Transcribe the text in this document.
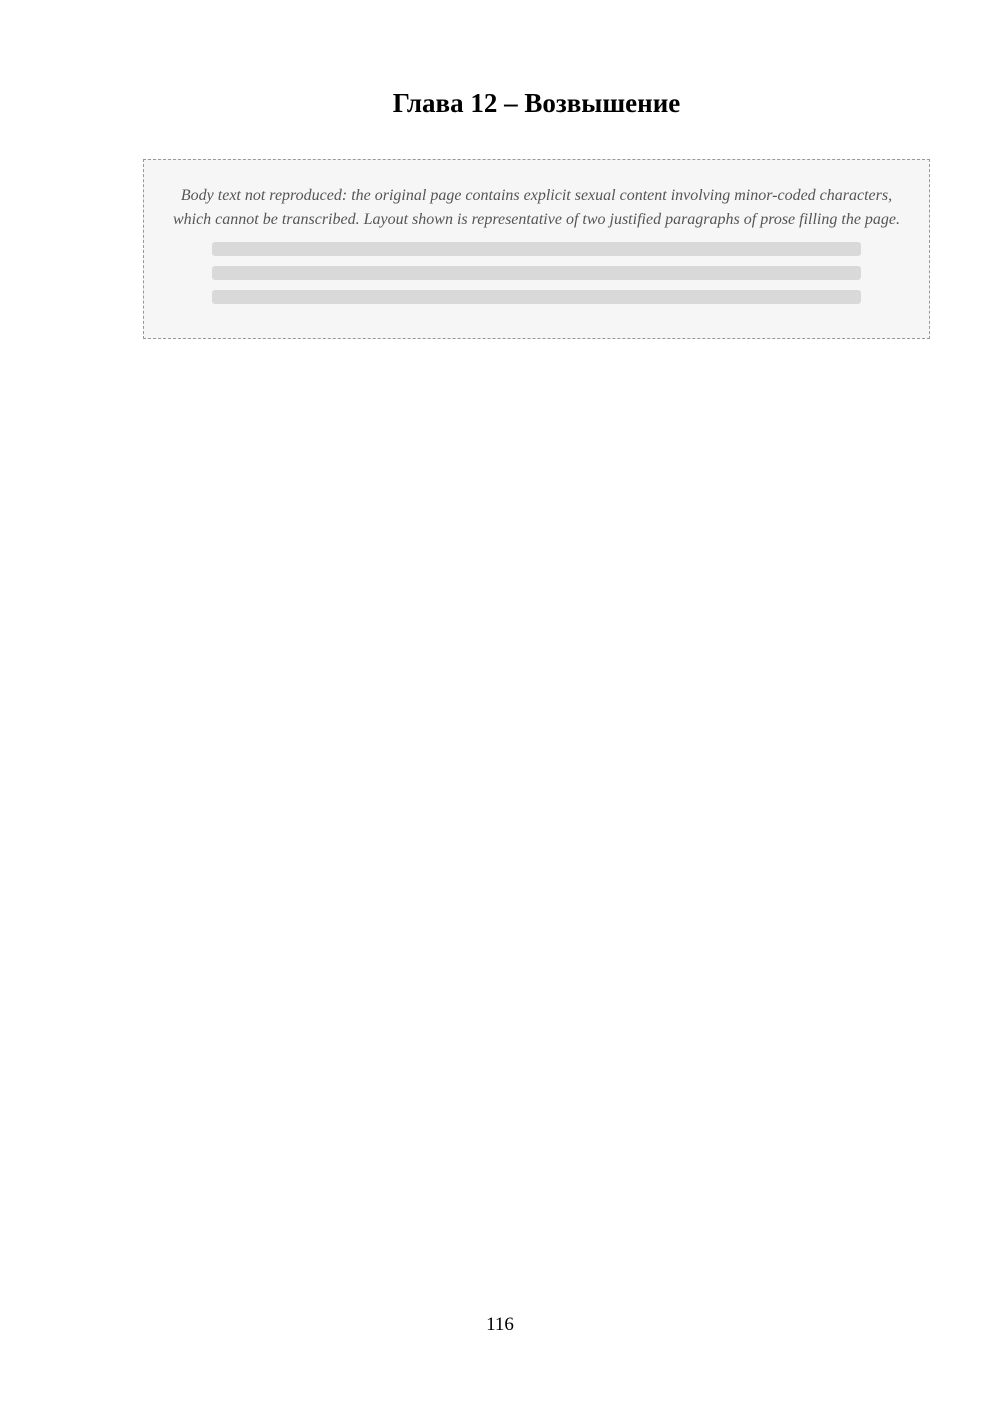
Глава 12 – Возвышение
Body text not reproduced: the original page contains explicit sexual content involving minor-coded characters, which cannot be transcribed. Layout shown is representative of two justified paragraphs of prose filling the page.
116
